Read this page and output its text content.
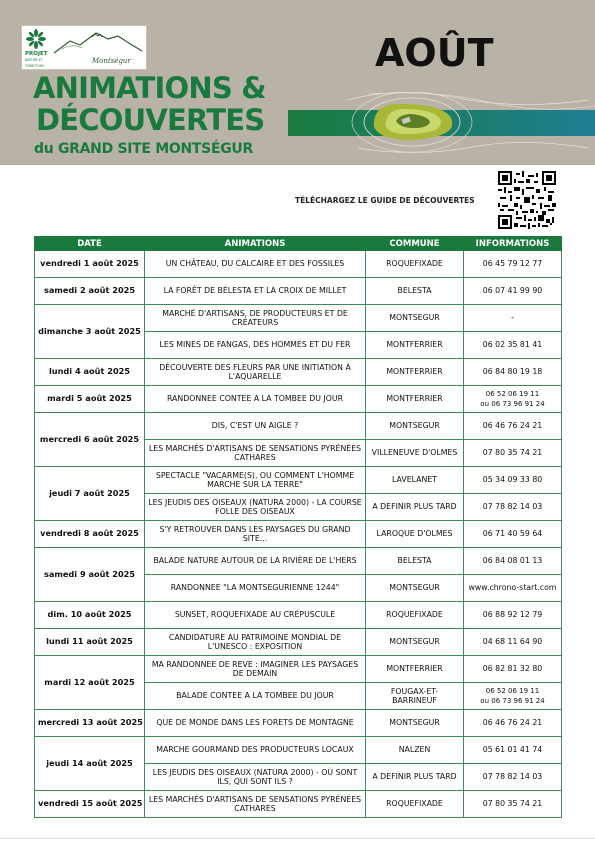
PROJET
NATURE ET TERRITOIRE
Montségur
ANIMATIONS &
DÉCOUVERTES
du GRAND SITE MONTSÉGUR
AOÛT
TÉLÉCHARGEZ LE GUIDE DE DÉCOUVERTES
DATE	ANIMATIONS	COMMUNE	INFORMATIONS
vendredi 1 août 2025	UN CHÂTEAU, DU CALCAIRE ET DES FOSSILES	ROQUEFIXADE	06 45 79 12 77
samedi 2 août 2025	LA FORÊT DE BÉLESTA ET LA CROIX DE MILLET	BELESTA	06 07 41 99 90
dimanche 3 août 2025	MARCHÉ D'ARTISANS, DE PRODUCTEURS ET DE CRÉATEURS	MONTSEGUR	-
	LES MINES DE FANGAS, DES HOMMES ET DU FER	MONTFERRIER	06 02 35 81 41
lundi 4 août 2025	DÉCOUVERTE DES FLEURS PAR UNE INITIATION À L'AQUARELLE	MONTFERRIER	06 84 80 19 18
mardi 5 août 2025	RANDONNEE CONTEE A LA TOMBEE DU JOUR	MONTFERRIER	06 52 06 19 11
ou 06 73 96 91 24
mercredi 6 août 2025	DIS, C'EST UN AIGLE ?	MONTSEGUR	06 46 76 24 21
	LES MARCHÉS D'ARTISANS DE SENSATIONS PYRÉNÉES CATHARES	VILLENEUVE D'OLMES	07 80 35 74 21
jeudi 7 août 2025	SPECTACLE "VACARME(S), OU COMMENT L'HOMME MARCHE SUR LA TERRE"	LAVELANET	05 34 09 33 80
	LES JEUDIS DES OISEAUX (NATURA 2000) - LA COURSE FOLLE DES OISEAUX	A DEFINIR PLUS TARD	07 78 82 14 03
vendredi 8 août 2025	S'Y RETROUVER DANS LES PAYSAGES DU GRAND SITE...	LAROQUE D'OLMES	06 71 40 59 64
samedi 9 août 2025	BALADE NATURE AUTOUR DE LA RIVIÈRE DE L'HERS	BELESTA	06 84 08 01 13
	RANDONNEE "LA MONTSEGURIENNE 1244"	MONTSEGUR	www.chrono-start.com
dim. 10 août 2025	SUNSET, ROQUEFIXADE AU CRÉPUSCULE	ROQUEFIXADE	06 88 92 12 79
lundi 11 août 2025	CANDIDATURE AU PATRIMOINE MONDIAL DE L'UNESCO : EXPOSITION	MONTSEGUR	04 68 11 64 90
mardi 12 août 2025	MA RANDONNEE DE REVE : IMAGINER LES PAYSAGES DE DEMAIN	MONTFERRIER	06 82 81 32 80
	BALADE CONTEE A LA TOMBEE DU JOUR	FOUGAX-ET-BARRINEUF	06 52 06 19 11
ou 06 73 96 91 24
mercredi 13 août 2025	QUE DE MONDE DANS LES FORETS DE MONTAGNE	MONTSEGUR	06 46 76 24 21
jeudi 14 août 2025	MARCHE GOURMAND DES PRODUCTEURS LOCAUX	NALZEN	05 61 01 41 74
	LES JEUDIS DES OISEAUX (NATURA 2000) - OÙ SONT ILS, QUI SONT ILS ?	A DEFINIR PLUS TARD	07 78 82 14 03
vendredi 15 août 2025	LES MARCHÉS D'ARTISANS DE SENSATIONS PYRÉNÉES CATHARES	ROQUEFIXADE	07 80 35 74 21
